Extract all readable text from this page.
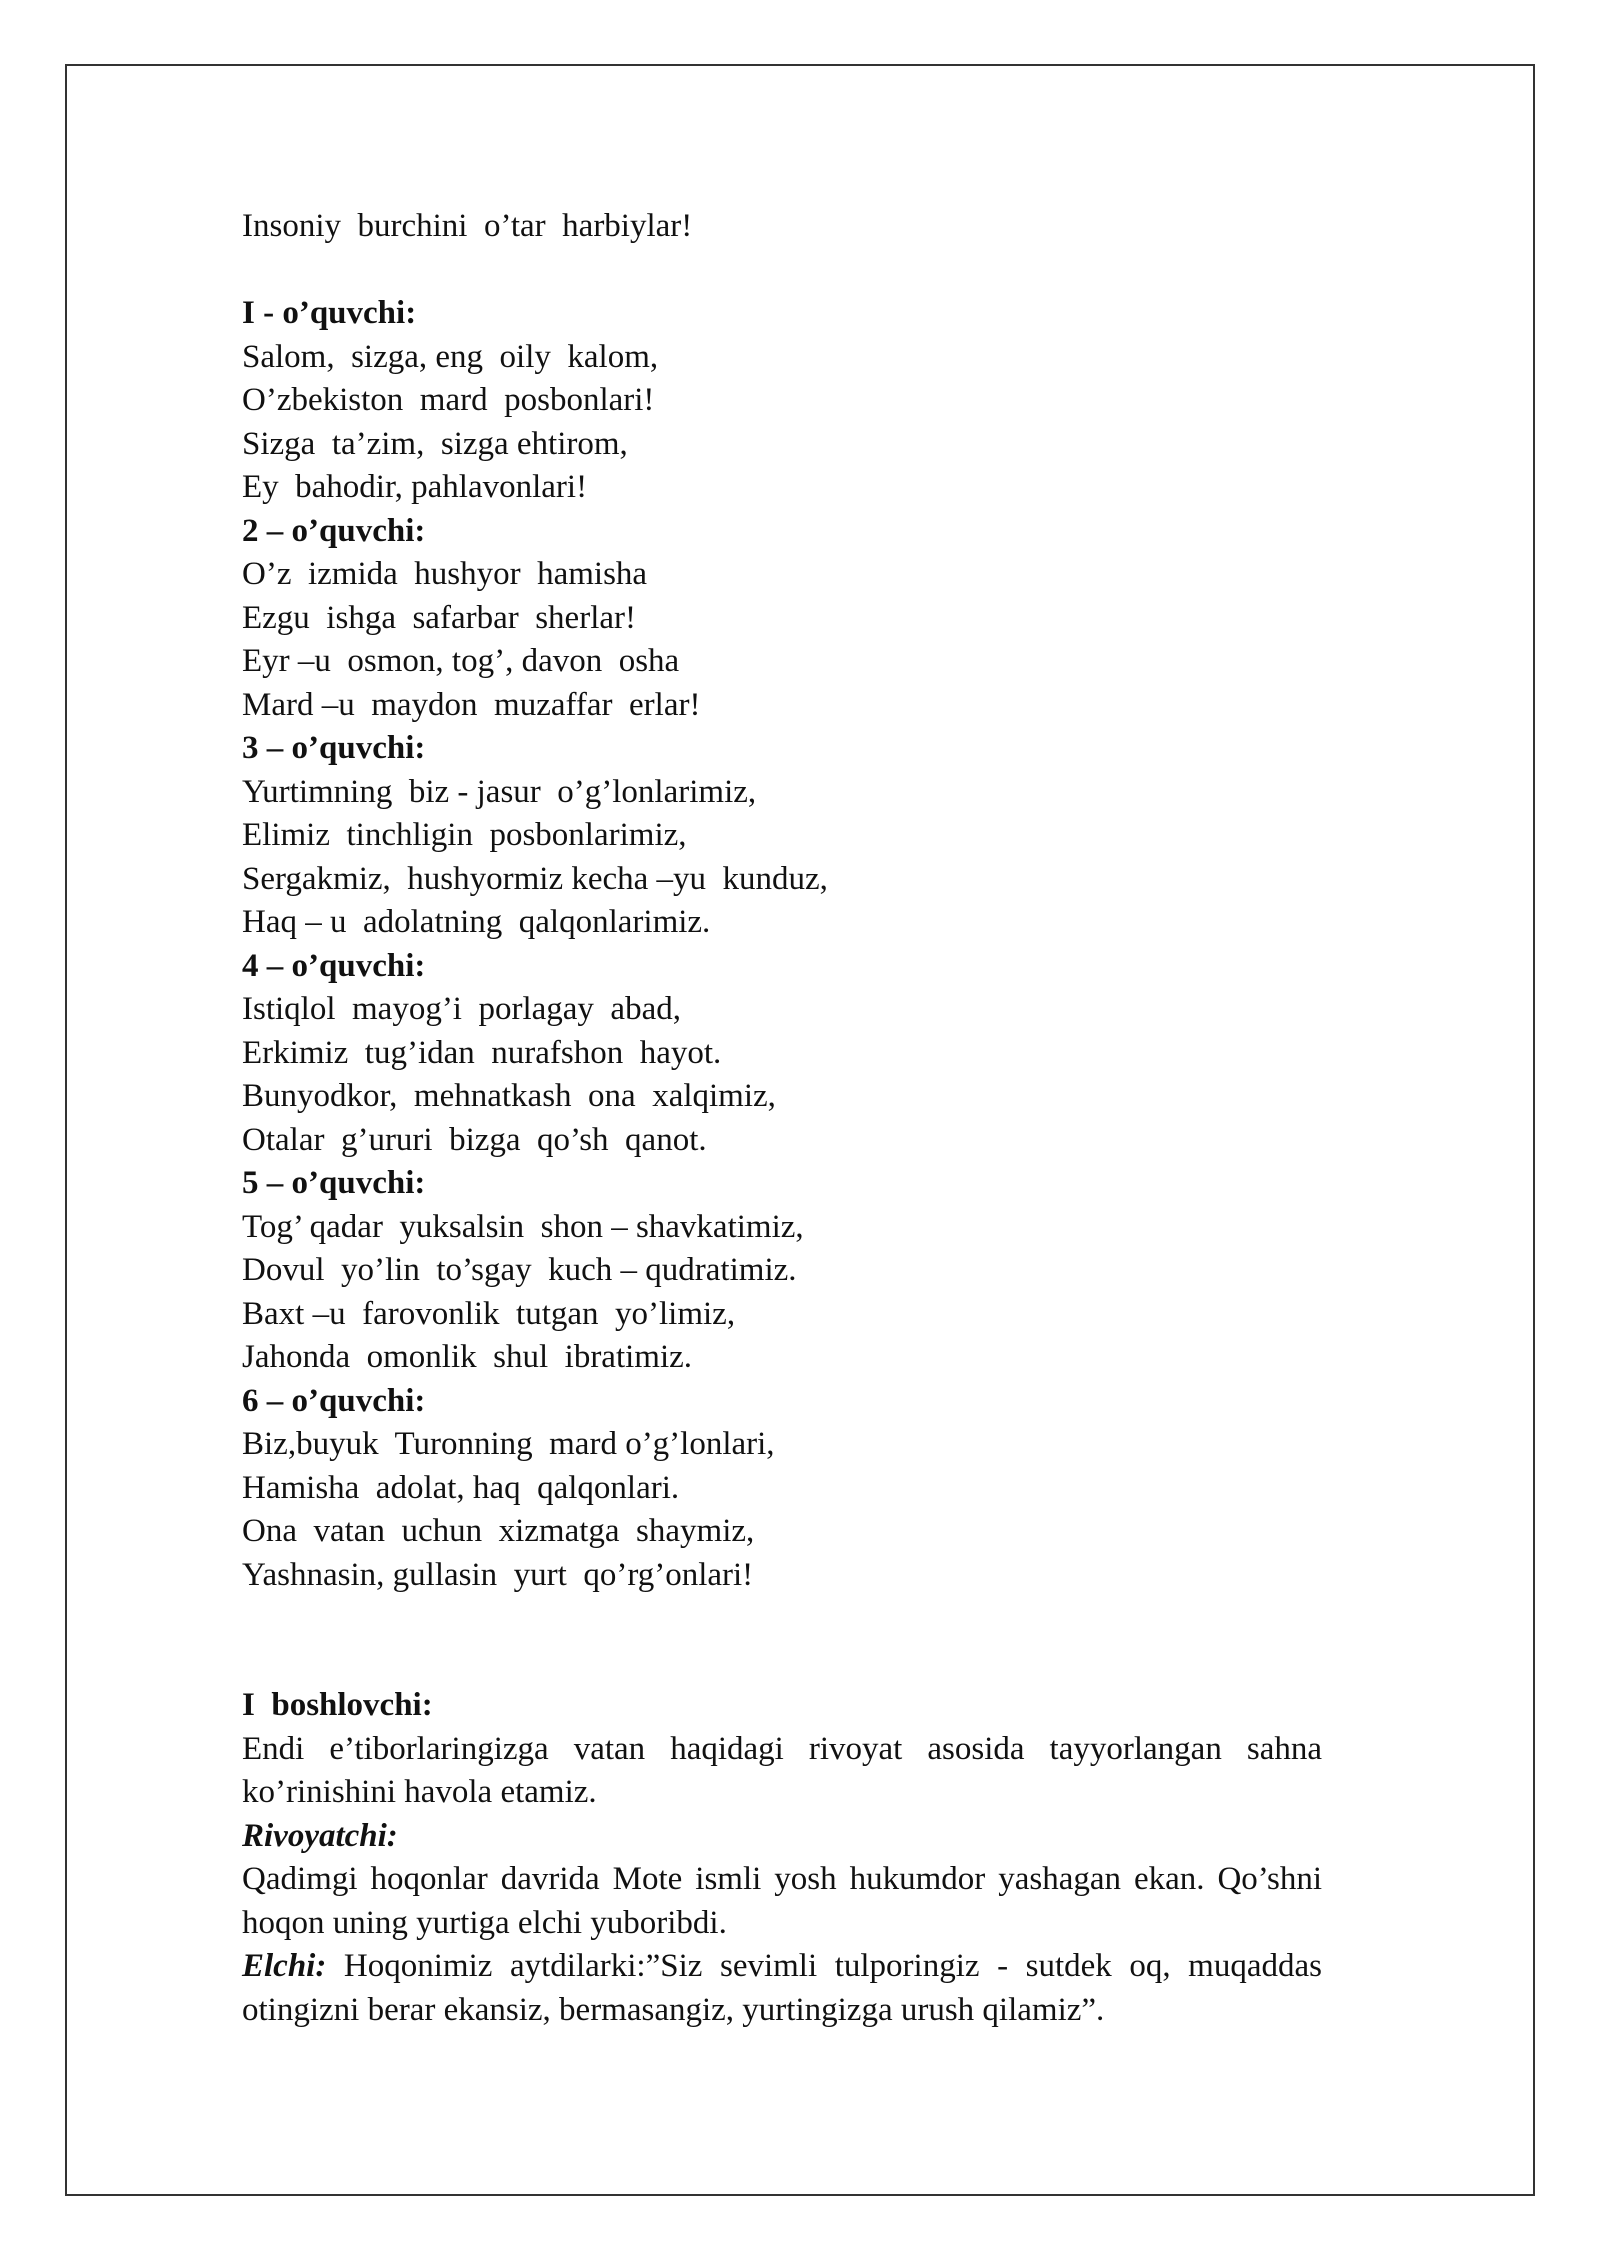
Insoniy  burchini  o’tar  harbiylar!
I - o’quvchi:
Salom,  sizga, eng  oily  kalom,
O’zbekiston  mard  posbonlari!
Sizga  ta’zim,  sizga ehtirom,
Ey  bahodir, pahlavonlari!
2 – o’quvchi:
O’z  izmida  hushyor  hamisha
Ezgu  ishga  safarbar  sherlar!
Eyr –u  osmon, tog’, davon  osha
Mard –u  maydon  muzaffar  erlar!
3 – o’quvchi:
Yurtimning  biz - jasur  o’g’lonlarimiz,
Elimiz  tinchligin  posbonlarimiz,
Sergakmiz,  hushyormiz kecha –yu  kunduz,
Haq – u  adolatning  qalqonlarimiz.
4 – o’quvchi:
Istiqlol  mayog’i  porlagay  abad,
Erkimiz  tug’idan  nurafshon  hayot.
Bunyodkor,  mehnatkash  ona  xalqimiz,
Otalar  g’ururi  bizga  qo’sh  qanot.
5 – o’quvchi:
Tog’ qadar  yuksalsin  shon – shavkatimiz,
Dovul  yo’lin  to’sgay  kuch – qudratimiz.
Baxt –u  farovonlik  tutgan  yo’limiz,
Jahonda  omonlik  shul  ibratimiz.
6 – o’quvchi:
Biz,buyuk  Turonning  mard o’g’lonlari,
Hamisha  adolat, haq  qalqonlari.
Ona  vatan  uchun  xizmatga  shaymiz,
Yashnasin, gullasin  yurt  qo’rg’onlari!
I  boshlovchi:
Endi e’tiborlaringizga vatan haqidagi rivoyat asosida tayyorlangan sahna ko’rinishini havola etamiz.
Rivoyatchi:
Qadimgi hoqonlar davrida Mote ismli yosh hukumdor yashagan ekan. Qo’shni hoqon uning yurtiga elchi yuboribdi.
Elchi: Hoqonimiz aytdilarki:”Siz sevimli tulporingiz - sutdek oq, muqaddas otingizni berar ekansiz, bermasangiz, yurtingizga urush qilamiz”.
